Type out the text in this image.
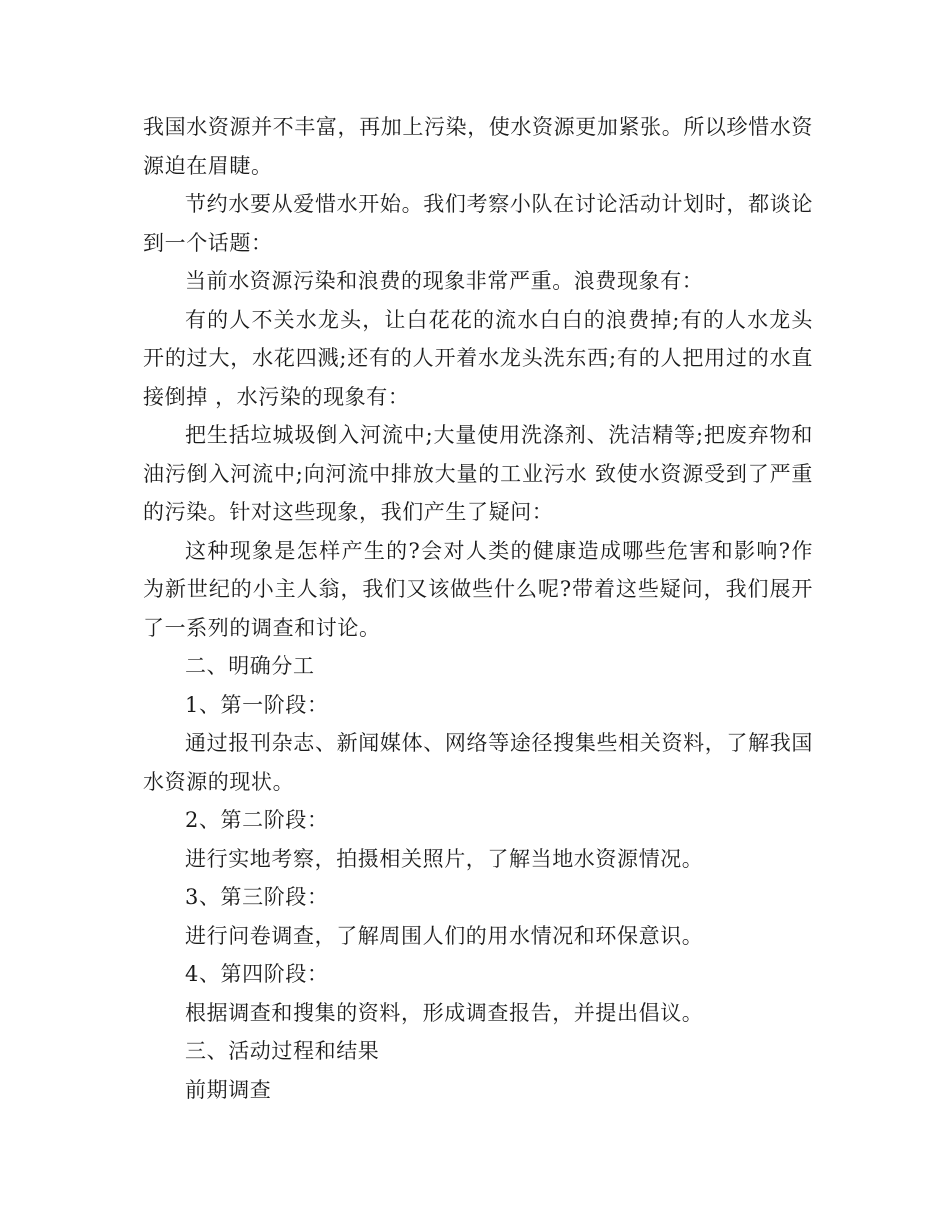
我国水资源并不丰富，再加上污染，使水资源更加紧张。所以珍惜水资源迫在眉睫。

节约水要从爱惜水开始。我们考察小队在讨论活动计划时，都谈论到一个话题：

当前水资源污染和浪费的现象非常严重。浪费现象有：

有的人不关水龙头，让白花花的流水白白的浪费掉;有的人水龙头开的过大，水花四溅;还有的人开着水龙头洗东西;有的人把用过的水直接倒掉 ，水污染的现象有：

把生括垃城圾倒入河流中;大量使用洗涤剂、洗洁精等;把废弃物和油污倒入河流中;向河流中排放大量的工业污水 致使水资源受到了严重的污染。针对这些现象，我们产生了疑问：

这种现象是怎样产生的?会对人类的健康造成哪些危害和影响?作为新世纪的小主人翁，我们又该做些什么呢?带着这些疑问，我们展开了一系列的调查和讨论。

二、明确分工

1、第一阶段：

通过报刊杂志、新闻媒体、网络等途径搜集些相关资料，了解我国水资源的现状。

2、第二阶段：

进行实地考察，拍摄相关照片，了解当地水资源情况。

3、第三阶段：

进行问卷调查，了解周围人们的用水情况和环保意识。

4、第四阶段：

根据调查和搜集的资料，形成调查报告，并提出倡议。

三、活动过程和结果

前期调查
